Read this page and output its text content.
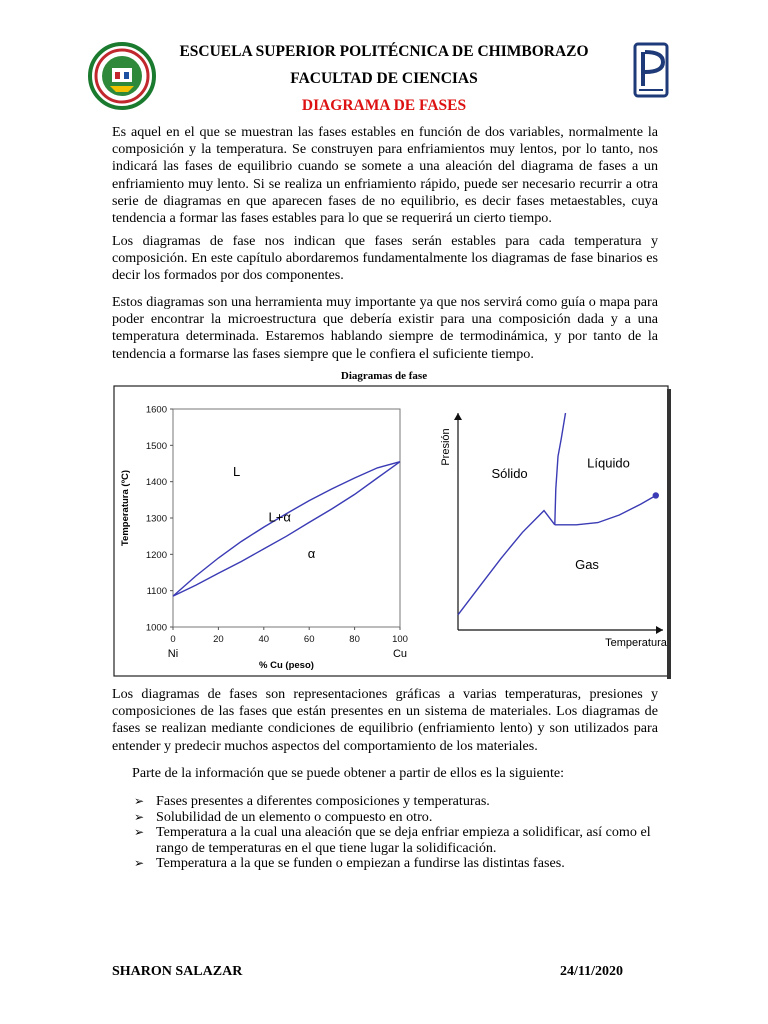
ESCUELA SUPERIOR POLITÉCNICA DE CHIMBORAZO
FACULTAD DE CIENCIAS
DIAGRAMA DE FASES

Es aquel en el que se muestran las fases estables en función de dos variables, normalmente la composición y la temperatura. Se construyen para enfriamientos muy lentos, por lo tanto, nos indicará las fases de equilibrio cuando se somete a una aleación del diagrama de fases a un enfriamiento muy lento. Si se realiza un enfriamiento rápido, puede ser necesario recurrir a otra serie de diagramas en que aparecen fases de no equilibrio, es decir fases metaestables, cuya tendencia a formar las fases estables para lo que se requerirá un cierto tiempo.

Los diagramas de fase nos indican que fases serán estables para cada temperatura y composición. En este capítulo abordaremos fundamentalmente los diagramas de fase binarios es decir los formados por dos componentes.

Estos diagramas son una herramienta muy importante ya que nos servirá como guía o mapa para poder encontrar la microestructura que debería existir para una composición dada y a una temperatura determinada. Estaremos hablando siempre de termodinámica, y por tanto de la tendencia a formarse las fases siempre que le confiera el suficiente tiempo.

Diagramas de fase
1000
1100
1200
1300
1400
1500
1600
0	20	40	60	80	100
Ni	Cu
% Cu (peso)
Temperatura (ºC)	L
L+α
α
Presión
Temperatura
Sólido
Líquido
Gas

Los diagramas de fases son representaciones gráficas a varias temperaturas, presiones y composiciones de las fases que están presentes en un sistema de materiales. Los diagramas de fases se realizan mediante condiciones de equilibrio (enfriamiento lento) y son utilizados para entender y predecir muchos aspectos del comportamiento de los materiales.

Parte de la información que se puede obtener a partir de ellos es la siguiente:

➢ Fases presentes a diferentes composiciones y temperaturas.
➢ Solubilidad de un elemento o compuesto en otro.
➢ Temperatura a la cual una aleación que se deja enfriar empieza a solidificar, así como el rango de temperaturas en el que tiene lugar la solidificación.
➢ Temperatura a la que se funden o empiezan a fundirse las distintas fases.
SHARON SALAZAR	24/11/2020
